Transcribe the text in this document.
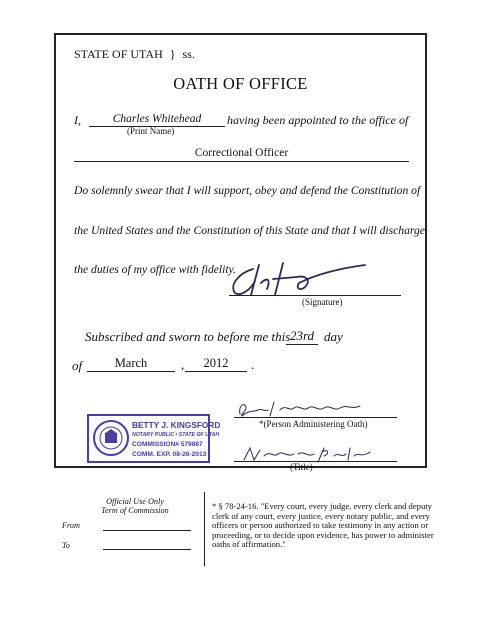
STATE OF UTAH } ss.
OATH OF OFFICE
I,	Charles Whitehead	having been appointed to the office of
(Print Name)
Correctional Officer
Do solemnly swear that I will support, obey and defend the Constitution of
the United States and the Constitution of this State and that I will discharge
the duties of my office with fidelity.
(Signature)
Subscribed and sworn to before me this 23rd day
of	March	,	2012	.
BETTY J. KINGSFORD
NOTARY PUBLIC • STATE OF UTAH
COMMISSION# 579867
COMM. EXP. 08-26-2013
*(Person Administering Oath)
(Title)
Official Use Only
Term of Commission
From
To
* § 78-24-16. "Every court, every judge, every clerk and deputy clerk of any court, every justice, every notary public, and every officers or person authorized to take testimony in any action or proceeding, or to decide upon evidence, has power to administer oaths of affirmation."
